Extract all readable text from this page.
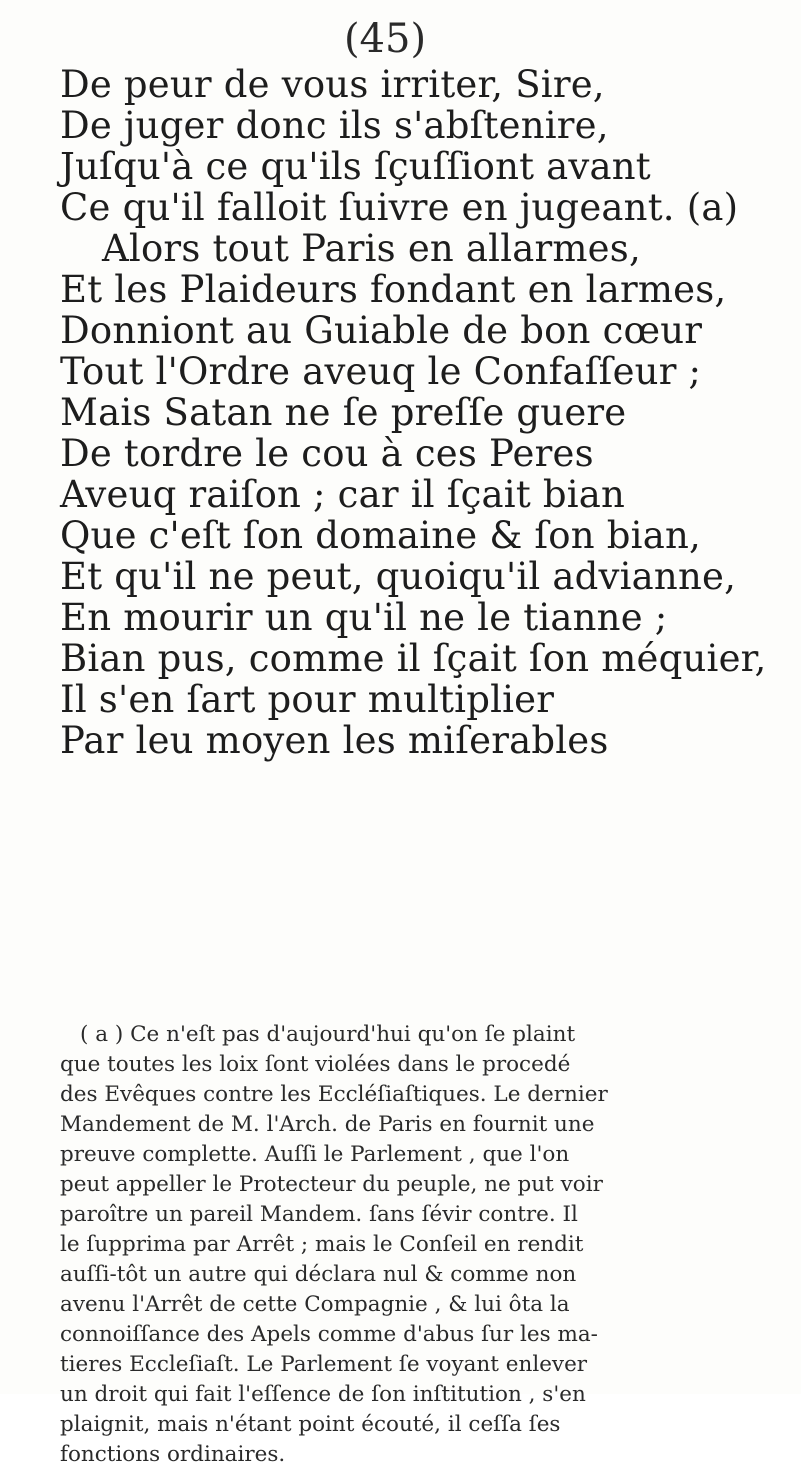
(45)
De peur de vous irriter, Sire,
De juger donc ils s'abſtenire,
Juſqu'à ce qu'ils ſçuſſiont avant
Ce qu'il falloit ſuivre en jugeant. (a)
Alors tout Paris en allarmes,
Et les Plaideurs fondant en larmes,
Donniont au Guiable de bon cœur
Tout l'Ordre aveuq le Confaſſeur ;
Mais Satan ne ſe preſſe guere
De tordre le cou à ces Peres
Aveuq raiſon ; car il ſçait bian
Que c'eſt ſon domaine & ſon bian,
Et qu'il ne peut, quoiqu'il advianne,
En mourir un qu'il ne le tianne ;
Bian pus, comme il ſçait ſon méquier,
Il s'en ſart pour multiplier
Par leu moyen les miſerables
( a ) Ce n'eſt pas d'aujourd'hui qu'on ſe plaint
que toutes les loix ſont violées dans le procedé
des Evêques contre les Eccléſiaſtiques. Le dernier
Mandement de M. l'Arch. de Paris en fournit une
preuve complette. Auſſi le Parlement , que l'on
peut appeller le Protecteur du peuple, ne put voir
paroître un pareil Mandem. ſans ſévir contre. Il
le ſupprima par Arrêt ; mais le Conſeil en rendit
auſſi-tôt un autre qui déclara nul & comme non
avenu l'Arrêt de cette Compagnie , & lui ôta la
connoiſſance des Apels comme d'abus ſur les ma-
tieres Eccleſiaſt. Le Parlement ſe voyant enlever
un droit qui fait l'eſſence de ſon inſtitution , s'en
plaignit, mais n'étant point écouté, il ceſſa ſes
fonctions ordinaires.
